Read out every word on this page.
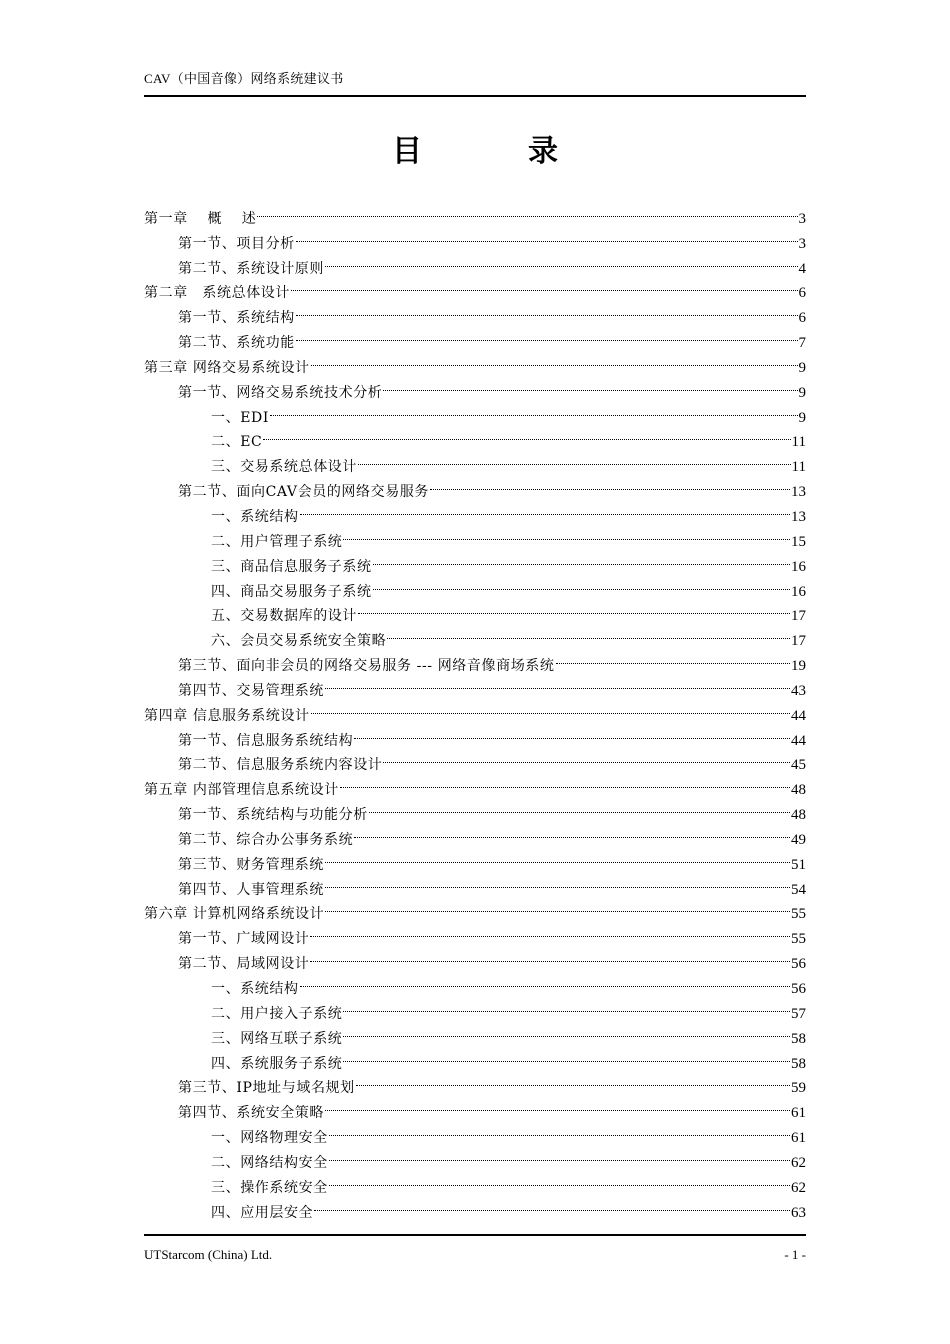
CAV（中国音像）网络系统建议书
目	录
第一章　 概　 述	3
第一节、项目分析	3
第二节、系统设计原则	4
第二章　系统总体设计	6
第一节、系统结构	6
第二节、系统功能	7
第三章 网络交易系统设计	9
第一节、网络交易系统技术分析	9
一、EDI	9
二、EC	11
三、交易系统总体设计	11
第二节、面向CAV会员的网络交易服务	13
一、系统结构	13
二、用户管理子系统	15
三、商品信息服务子系统	16
四、商品交易服务子系统	16
五、交易数据库的设计	17
六、会员交易系统安全策略	17
第三节、面向非会员的网络交易服务 --- 网络音像商场系统	19
第四节、交易管理系统	43
第四章 信息服务系统设计	44
第一节、信息服务系统结构	44
第二节、信息服务系统内容设计	45
第五章 内部管理信息系统设计	48
第一节、系统结构与功能分析	48
第二节、综合办公事务系统	49
第三节、财务管理系统	51
第四节、人事管理系统	54
第六章 计算机网络系统设计	55
第一节、广域网设计	55
第二节、局域网设计	56
一、系统结构	56
二、用户接入子系统	57
三、网络互联子系统	58
四、系统服务子系统	58
第三节、IP地址与域名规划	59
第四节、系统安全策略	61
一、网络物理安全	61
二、网络结构安全	62
三、操作系统安全	62
四、应用层安全	63
UTStarcom (China) Ltd.	- 1 -
